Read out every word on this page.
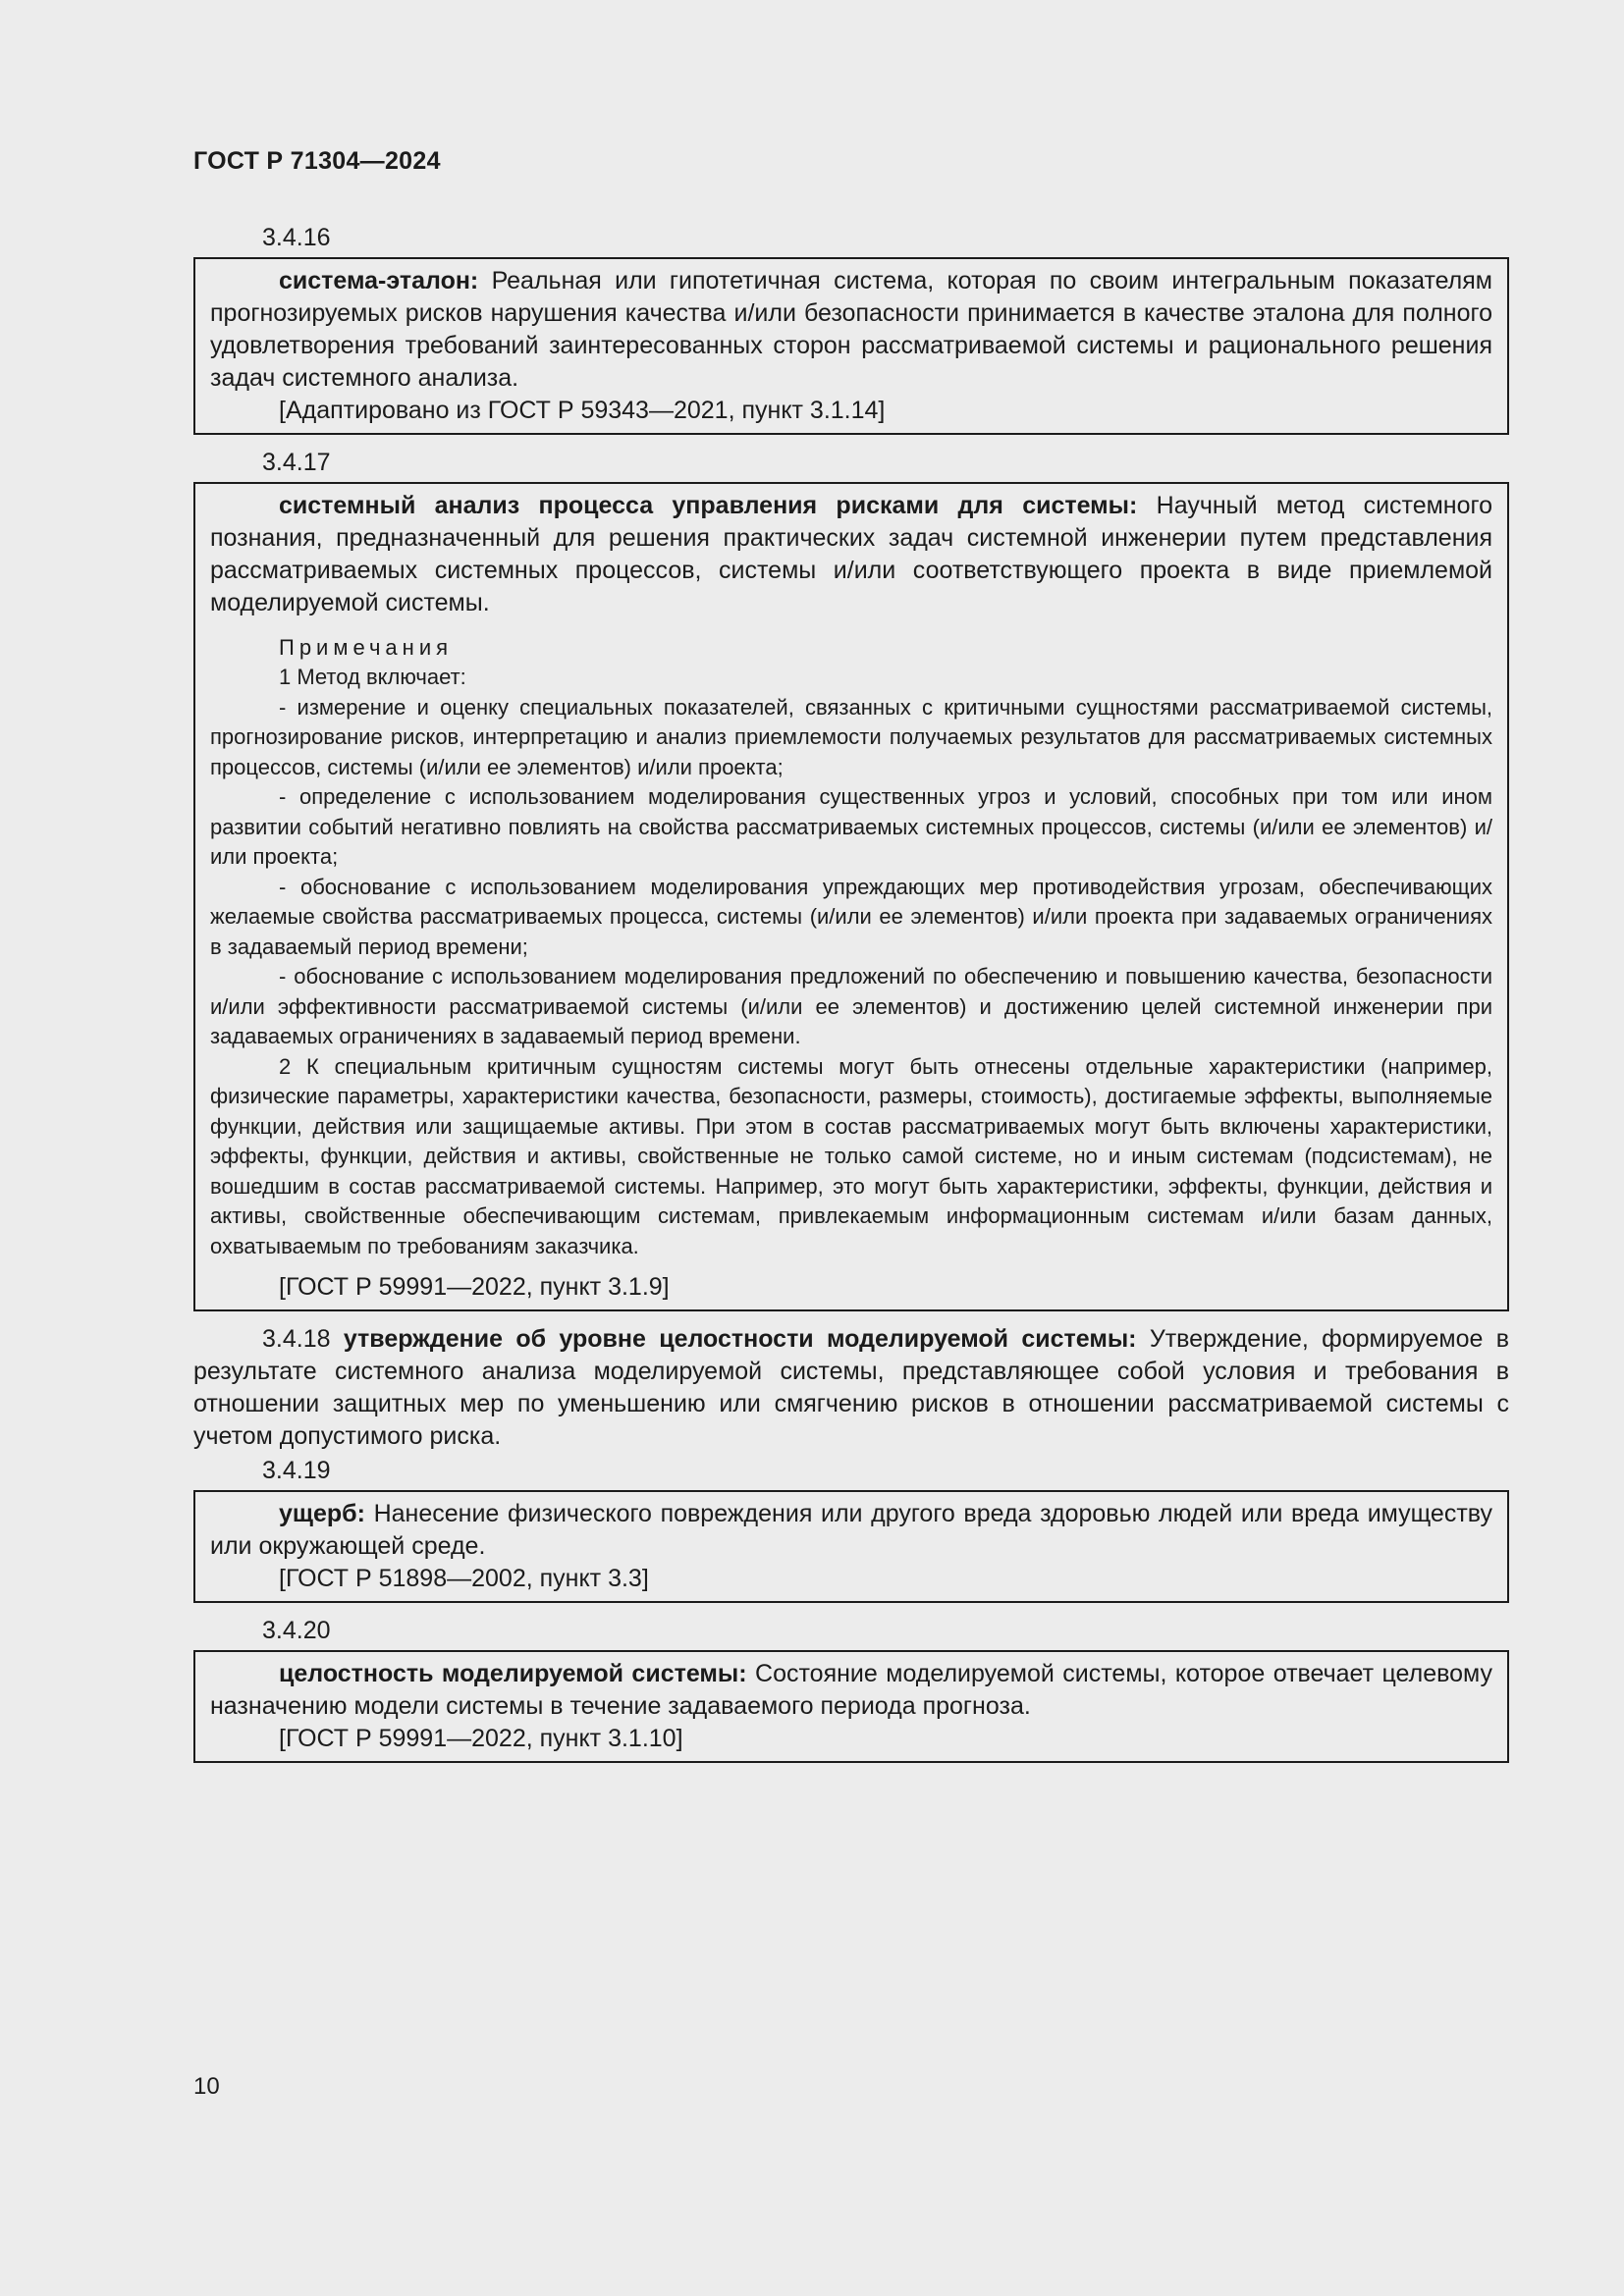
ГОСТ Р 71304—2024
3.4.16

система-эталон: Реальная или гипотетичная система, которая по своим интегральным показателям прогнозируемых рисков нарушения качества и/или безопасности принимается в качестве эталона для полного удовлетворения требований заинтересованных сторон рассматриваемой системы и рационального решения задач системного анализа.

[Адаптировано из ГОСТ Р 59343—2021, пункт 3.1.14]
3.4.17

системный анализ процесса управления рисками для системы: Научный метод системного познания, предназначенный для решения практических задач системной инженерии путем представления рассматриваемых системных процессов, системы и/или соответствующего проекта в виде приемлемой моделируемой системы.

Примечания
1 Метод включает:

- измерение и оценку специальных показателей, связанных с критичными сущностями рассматриваемой системы, прогнозирование рисков, интерпретацию и анализ приемлемости получаемых результатов для рассматриваемых системных процессов, системы (и/или ее элементов) и/или проекта;

- определение с использованием моделирования существенных угроз и условий, способных при том или ином развитии событий негативно повлиять на свойства рассматриваемых системных процессов, системы (и/или ее элементов) и/или проекта;

- обоснование с использованием моделирования упреждающих мер противодействия угрозам, обеспечивающих желаемые свойства рассматриваемых процесса, системы (и/или ее элементов) и/или проекта при задаваемых ограничениях в задаваемый период времени;

- обоснование с использованием моделирования предложений по обеспечению и повышению качества, безопасности и/или эффективности рассматриваемой системы (и/или ее элементов) и достижению целей системной инженерии при задаваемых ограничениях в задаваемый период времени.

2 К специальным критичным сущностям системы могут быть отнесены отдельные характеристики (например, физические параметры, характеристики качества, безопасности, размеры, стоимость), достигаемые эффекты, выполняемые функции, действия или защищаемые активы. При этом в состав рассматриваемых могут быть включены характеристики, эффекты, функции, действия и активы, свойственные не только самой системе, но и иным системам (подсистемам), не вошедшим в состав рассматриваемой системы. Например, это могут быть характеристики, эффекты, функции, действия и активы, свойственные обеспечивающим системам, привлекаемым информационным системам и/или базам данных, охватываемым по требованиям заказчика.

[ГОСТ Р 59991—2022, пункт 3.1.9]

3.4.18 утверждение об уровне целостности моделируемой системы: Утверждение, формируемое в результате системного анализа моделируемой системы, представляющее собой условия и требования в отношении защитных мер по уменьшению или смягчению рисков в отношении рассматриваемой системы с учетом допустимого риска.

3.4.19

ущерб: Нанесение физического повреждения или другого вреда здоровью людей или вреда имуществу или окружающей среде.

[ГОСТ Р 51898—2002, пункт 3.3]
3.4.20

целостность моделируемой системы: Состояние моделируемой системы, которое отвечает целевому назначению модели системы в течение задаваемого периода прогноза.

[ГОСТ Р 59991—2022, пункт 3.1.10]
10
